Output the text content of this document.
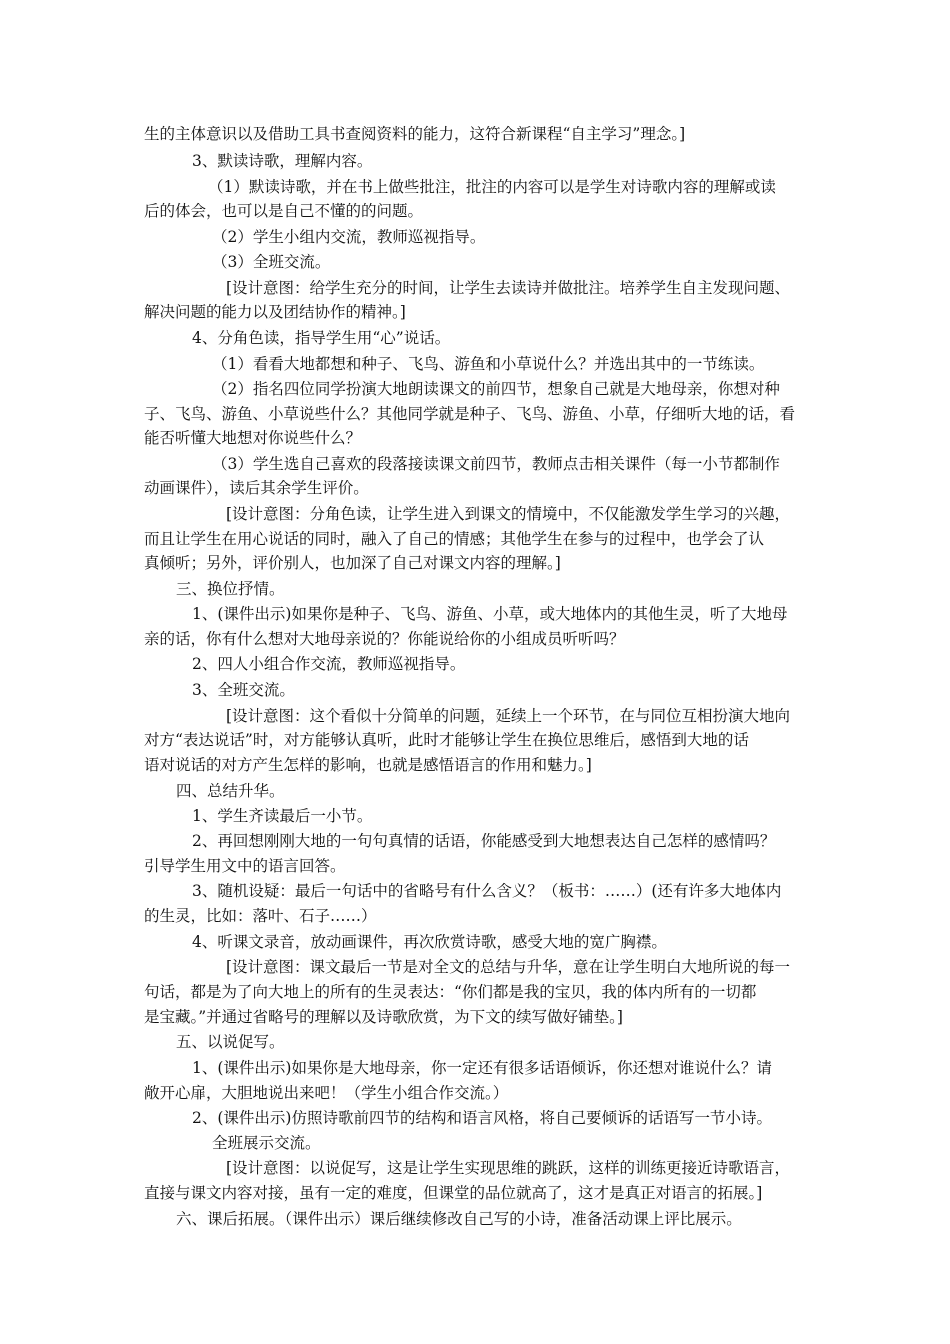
生的主体意识以及借助工具书查阅资料的能力，这符合新课程“自主学习”理念。]
3、默读诗歌，理解内容。
（1）默读诗歌，并在书上做些批注，批注的内容可以是学生对诗歌内容的理解或读
后的体会，也可以是自己不懂的的问题。
（2）学生小组内交流，教师巡视指导。
（3）全班交流。
[设计意图：给学生充分的时间，让学生去读诗并做批注。培养学生自主发现问题、
解决问题的能力以及团结协作的精神。]
4、分角色读，指导学生用“心”说话。
（1）看看大地都想和种子、飞鸟、游鱼和小草说什么？并选出其中的一节练读。
（2）指名四位同学扮演大地朗读课文的前四节，想象自己就是大地母亲，你想对种
子、飞鸟、游鱼、小草说些什么？其他同学就是种子、飞鸟、游鱼、小草，仔细听大地的话，看
能否听懂大地想对你说些什么？
（3）学生选自己喜欢的段落接读课文前四节，教师点击相关课件（每一小节都制作
动画课件），读后其余学生评价。
[设计意图：分角色读，让学生进入到课文的情境中，不仅能激发学生学习的兴趣，
而且让学生在用心说话的同时，融入了自己的情感；其他学生在参与的过程中，也学会了认
真倾听；另外，评价别人，也加深了自己对课文内容的理解。]
三、换位抒情。
1、(课件出示)如果你是种子、飞鸟、游鱼、小草，或大地体内的其他生灵，听了大地母
亲的话，你有什么想对大地母亲说的？你能说给你的小组成员听听吗？
2、四人小组合作交流，教师巡视指导。
3、全班交流。
[设计意图：这个看似十分简单的问题，延续上一个环节，在与同位互相扮演大地向
对方“表达说话”时，对方能够认真听，此时才能够让学生在换位思维后，感悟到大地的话
语对说话的对方产生怎样的影响，也就是感悟语言的作用和魅力。]
四、总结升华。
1、学生齐读最后一小节。
2、再回想刚刚大地的一句句真情的话语，你能感受到大地想表达自己怎样的感情吗？
引导学生用文中的语言回答。
3、随机设疑：最后一句话中的省略号有什么含义？（板书：……）(还有许多大地体内
的生灵，比如：落叶、石子……）
4、听课文录音，放动画课件，再次欣赏诗歌，感受大地的宽广胸襟。
[设计意图：课文最后一节是对全文的总结与升华，意在让学生明白大地所说的每一
句话，都是为了向大地上的所有的生灵表达：“你们都是我的宝贝，我的体内所有的一切都
是宝藏。”并通过省略号的理解以及诗歌欣赏，为下文的续写做好铺垫。]
五、以说促写。
1、(课件出示)如果你是大地母亲，你一定还有很多话语倾诉，你还想对谁说什么？请
敞开心扉，大胆地说出来吧！（学生小组合作交流。）
2、(课件出示)仿照诗歌前四节的结构和语言风格，将自己要倾诉的话语写一节小诗。
全班展示交流。
[设计意图：以说促写，这是让学生实现思维的跳跃，这样的训练更接近诗歌语言，
直接与课文内容对接，虽有一定的难度，但课堂的品位就高了，这才是真正对语言的拓展。]
六、课后拓展。（课件出示）课后继续修改自己写的小诗，准备活动课上评比展示。
